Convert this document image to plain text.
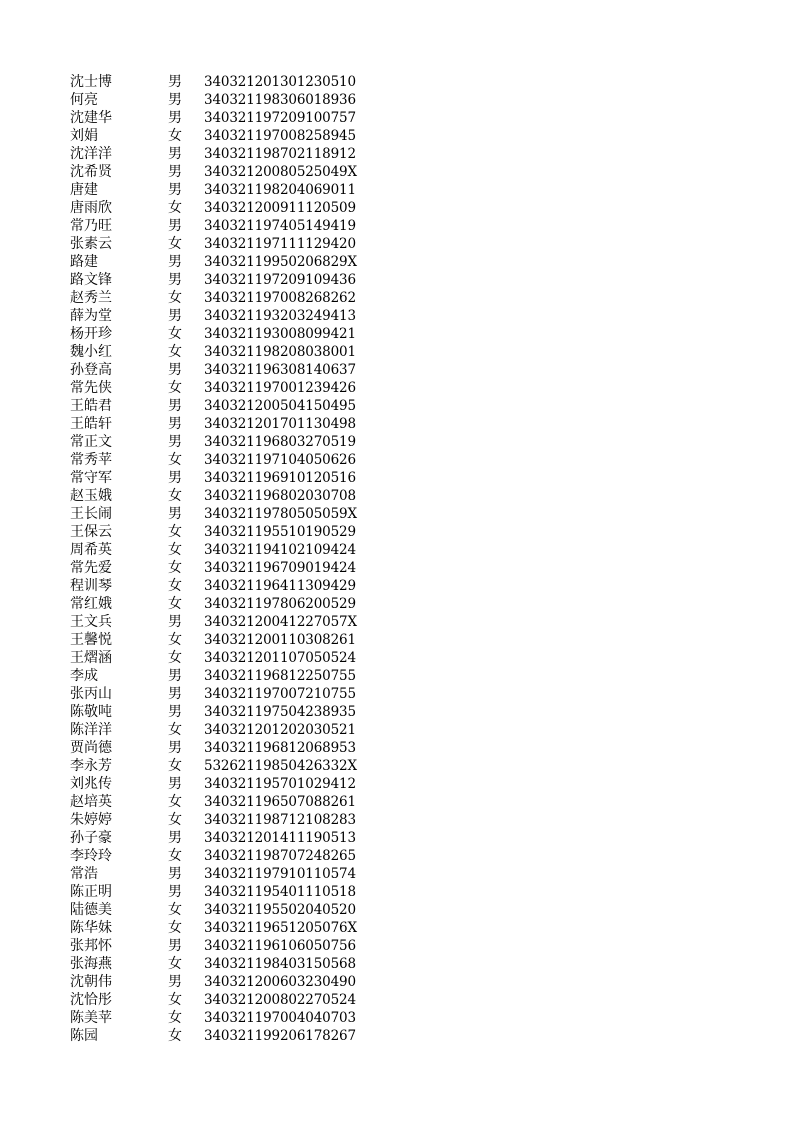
沈士博	男 340321201301230510
何亮	男 340321198306018936
沈建华	男 340321197209100757
刘娟	女 340321197008258945
沈洋洋	男 340321198702118912
沈希贤	男 34032120080525049X
唐建	男 340321198204069011
唐雨欣	女 340321200911120509
常乃旺	男 340321197405149419
张素云	女 340321197111129420
路建	男 34032119950206829X
路文锋	男 340321197209109436
赵秀兰	女 340321197008268262
薛为堂	男 340321193203249413
杨开珍	女 340321193008099421
魏小红	女 340321198208038001
孙登高	男 340321196308140637
常先侠	女 340321197001239426
王皓君	男 340321200504150495
王皓轩	男 340321201701130498
常正文	男 340321196803270519
常秀苹	女 340321197104050626
常守军	男 340321196910120516
赵玉娥	女 340321196802030708
王长闹	男 34032119780505059X
王保云	女 340321195510190529
周希英	女 340321194102109424
常先爱	女 340321196709019424
程训琴	女 340321196411309429
常红娥	女 340321197806200529
王文兵	男 34032120041227057X
王馨悦	女 340321200110308261
王熠涵	女 340321201107050524
李成	男 340321196812250755
张丙山	男 340321197007210755
陈敬吨	男 340321197504238935
陈洋洋	女 340321201202030521
贾尚德	男 340321196812068953
李永芳	女 53262119850426332X
刘兆传	男 340321195701029412
赵培英	女 340321196507088261
朱婷婷	女 340321198712108283
孙子豪	男 340321201411190513
李玲玲	女 340321198707248265
常浩	男 340321197910110574
陈正明	男 340321195401110518
陆德美	女 340321195502040520
陈华妹	女 34032119651205076X
张邦怀	男 340321196106050756
张海燕	女 340321198403150568
沈朝伟	男 340321200603230490
沈恰彤	女 340321200802270524
陈美苹	女 340321197004040703
陈园	女 340321199206178267
